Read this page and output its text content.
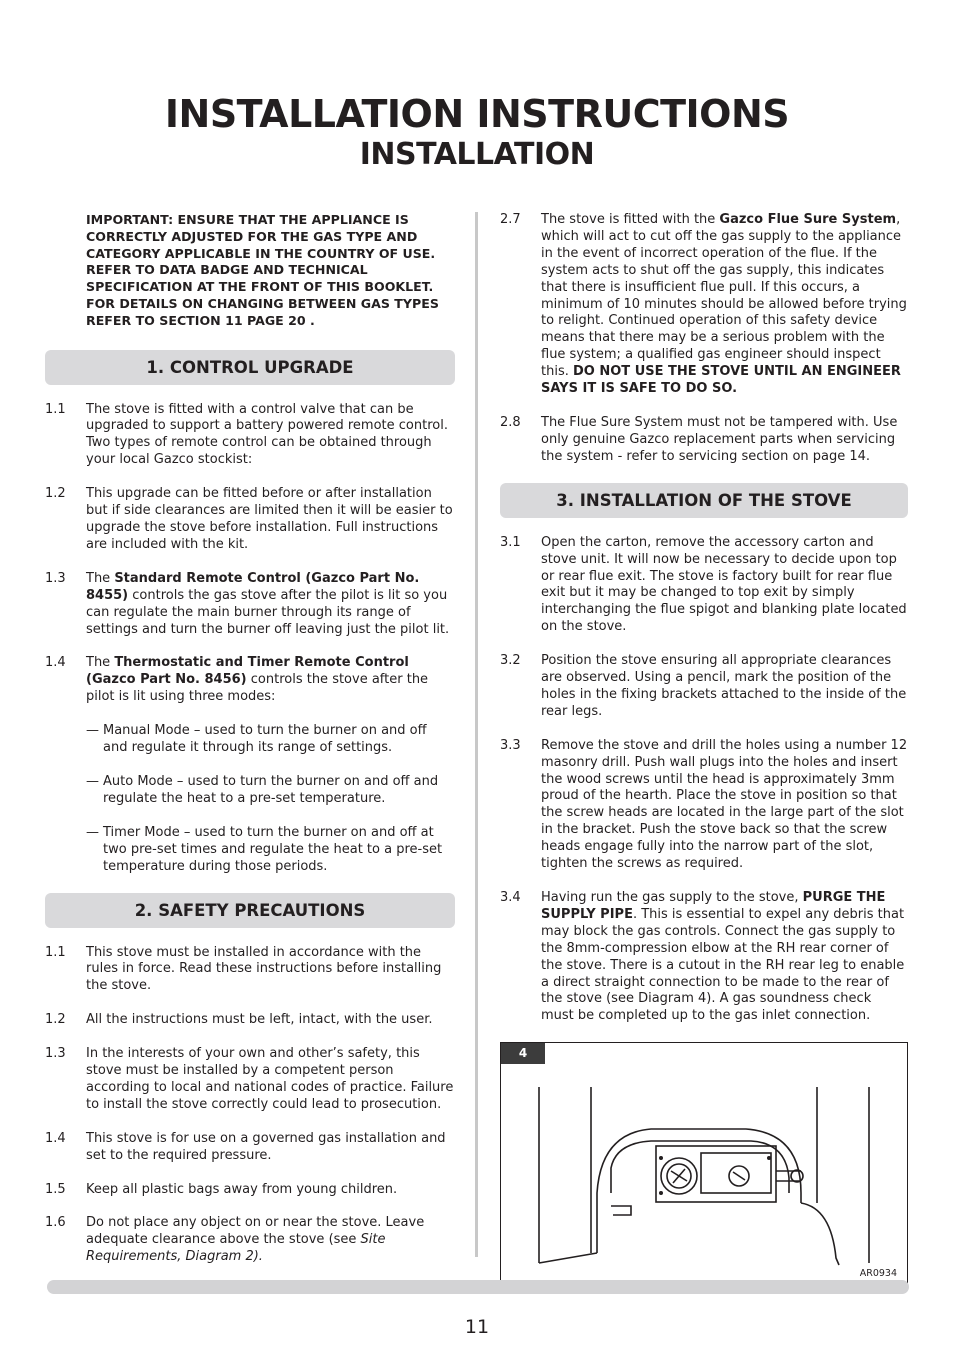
INSTALLATION INSTRUCTIONS
INSTALLATION
IMPORTANT: ENSURE THAT THE APPLIANCE IS CORRECTLY ADJUSTED FOR THE GAS TYPE AND CATEGORY APPLICABLE IN THE COUNTRY OF USE. REFER TO DATA BADGE AND TECHNICAL SPECIFICATION AT THE FRONT OF THIS BOOKLET. FOR DETAILS ON CHANGING BETWEEN GAS TYPES REFER TO SECTION 11 PAGE 20 .
1. CONTROL UPGRADE
1.1 The stove is fitted with a control valve that can be upgraded to support a battery powered remote control. Two types of remote control can be obtained through your local Gazco stockist:
1.2 This upgrade can be fitted before or after installation but if side clearances are limited then it will be easier to upgrade the stove before installation. Full instructions are included with the kit.
1.3 The Standard Remote Control (Gazco Part No. 8455) controls the gas stove after the pilot is lit so you can regulate the main burner through its range of settings and turn the burner off leaving just the pilot lit.
1.4 The Thermostatic and Timer Remote Control (Gazco Part No. 8456) controls the stove after the pilot is lit using three modes:
— Manual Mode – used to turn the burner on and off and regulate it through its range of settings.
— Auto Mode – used to turn the burner on and off and regulate the heat to a pre-set temperature.
— Timer Mode – used to turn the burner on and off at two pre-set times and regulate the heat to a pre-set temperature during those periods.
2. SAFETY PRECAUTIONS
1.1 This stove must be installed in accordance with the rules in force. Read these instructions before installing the stove.
1.2 All the instructions must be left, intact, with the user.
1.3 In the interests of your own and other’s safety, this stove must be installed by a competent person according to local and national codes of practice. Failure to install the stove correctly could lead to prosecution.
1.4 This stove is for use on a governed gas installation and set to the required pressure.
1.5 Keep all plastic bags away from young children.
1.6 Do not place any object on or near the stove. Leave adequate clearance above the stove (see Site Requirements, Diagram 2).
2.7 The stove is fitted with the Gazco Flue Sure System, which will act to cut off the gas supply to the appliance in the event of incorrect operation of the flue. If the system acts to shut off the gas supply, this indicates that there is insufficient flue pull. If this occurs, a minimum of 10 minutes should be allowed before trying to relight. Continued operation of this safety device means that there may be a serious problem with the flue system; a qualified gas engineer should inspect this. DO NOT USE THE STOVE UNTIL AN ENGINEER SAYS IT IS SAFE TO DO SO.
2.8 The Flue Sure System must not be tampered with. Use only genuine Gazco replacement parts when servicing the system - refer to servicing section on page 14.
3. INSTALLATION OF THE STOVE
3.1 Open the carton, remove the accessory carton and stove unit. It will now be necessary to decide upon top or rear flue exit. The stove is factory built for rear flue exit but it may be changed to top exit by simply interchanging the flue spigot and blanking plate located on the stove.
3.2 Position the stove ensuring all appropriate clearances are observed. Using a pencil, mark the position of the holes in the fixing brackets attached to the inside of the rear legs.
3.3 Remove the stove and drill the holes using a number 12 masonry drill. Push wall plugs into the holes and insert the wood screws until the head is approximately 3mm proud of the hearth. Place the stove in position so that the screw heads are located in the large part of the slot in the bracket. Push the stove back so that the screw heads engage fully into the narrow part of the slot, tighten the screws as required.
3.4 Having run the gas supply to the stove, PURGE THE SUPPLY PIPE. This is essential to expel any debris that may block the gas controls. Connect the gas supply to the 8mm-compression elbow at the RH rear corner of the stove. There is a cutout in the RH rear leg to enable a direct straight connection to be made to the rear of the stove (see Diagram 4). A gas soundness check must be completed up to the gas inlet connection.
4
AR0934
11
